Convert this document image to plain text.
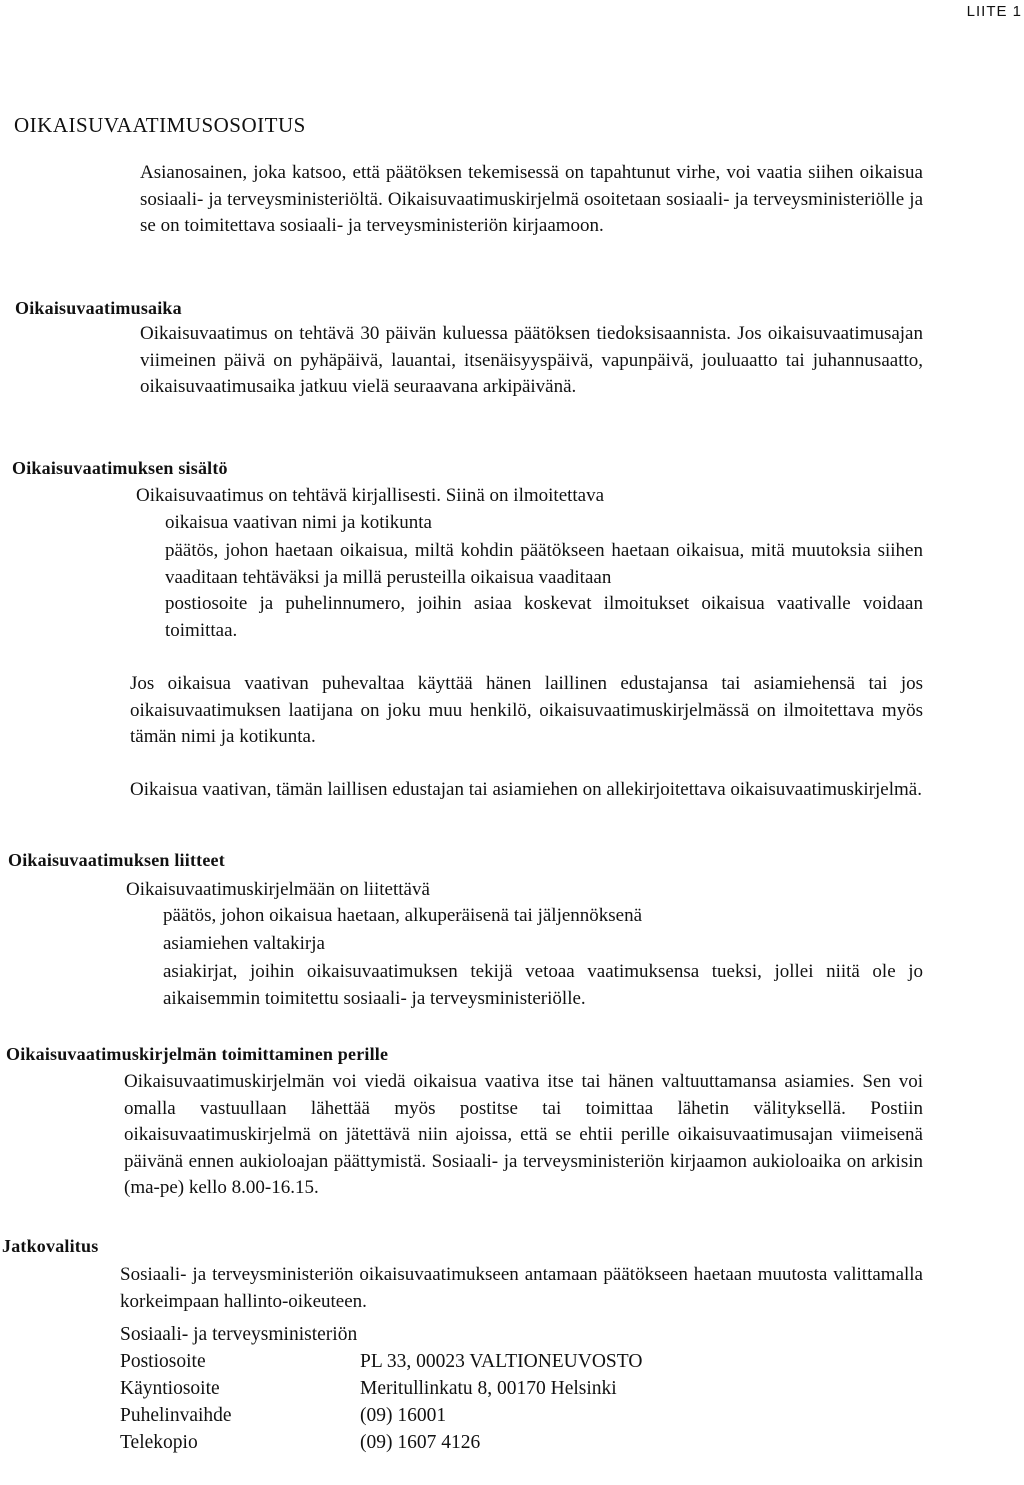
LIITE 1
OIKAISUVAATIMUSOSOITUS
Asianosainen, joka katsoo, että päätöksen tekemisessä on tapahtunut virhe, voi vaatia siihen oikaisua sosiaali- ja terveysministeriöltä. Oikaisuvaatimuskirjelmä osoitetaan sosiaali- ja terveysministeriölle ja se on toimitettava sosiaali- ja terveysministeriön kirjaamoon.
Oikaisuvaatimusaika
Oikaisuvaatimus on tehtävä 30 päivän kuluessa päätöksen tiedoksisaannista. Jos oikaisuvaatimusajan viimeinen päivä on pyhäpäivä, lauantai, itsenäisyyspäivä, vapunpäivä, jouluaatto tai juhannusaatto, oikaisuvaatimusaika jatkuu vielä seuraavana arkipäivänä.
Oikaisuvaatimuksen sisältö
Oikaisuvaatimus on tehtävä kirjallisesti. Siinä on ilmoitettava
oikaisua vaativan nimi ja kotikunta
päätös, johon haetaan oikaisua, miltä kohdin päätökseen haetaan oikaisua, mitä muutoksia siihen vaaditaan tehtäväksi ja millä perusteilla oikaisua vaaditaan
postiosoite ja puhelinnumero, joihin asiaa koskevat ilmoitukset oikaisua vaativalle voidaan toimittaa.
Jos oikaisua vaativan puhevaltaa käyttää hänen laillinen edustajansa tai asiamiehensä tai jos oikaisuvaatimuksen laatijana on joku muu henkilö, oikaisuvaatimuskirjelmässä on ilmoitettava myös tämän nimi ja kotikunta.
Oikaisua vaativan, tämän laillisen edustajan tai asiamiehen on allekirjoitettava oikaisuvaatimuskirjelmä.
Oikaisuvaatimuksen liitteet
Oikaisuvaatimuskirjelmään on liitettävä
päätös, johon oikaisua haetaan, alkuperäisenä tai jäljennöksenä
asiamiehen valtakirja
asiakirjat, joihin oikaisuvaatimuksen tekijä vetoaa vaatimuksensa tueksi, jollei niitä ole jo aikaisemmin toimitettu sosiaali- ja terveysministeriölle.
Oikaisuvaatimuskirjelmän toimittaminen perille
Oikaisuvaatimuskirjelmän voi viedä oikaisua vaativa itse tai hänen valtuuttamansa asiamies. Sen voi omalla vastuullaan lähettää myös postitse tai toimittaa lähetin välityksellä. Postiin oikaisuvaatimuskirjelmä on jätettävä niin ajoissa, että se ehtii perille oikaisuvaatimusajan viimeisenä päivänä ennen aukioloajan päättymistä. Sosiaali- ja terveysministeriön kirjaamon aukioloaika on arkisin (ma-pe) kello 8.00-16.15.
Jatkovalitus
Sosiaali- ja terveysministeriön oikaisuvaatimukseen antamaan päätökseen haetaan muutosta valittamalla korkeimpaan hallinto-oikeuteen.
Sosiaali- ja terveysministeriön
Postiosoite	PL 33, 00023 VALTIONEUVOSTO
Käyntiosoite	Meritullinkatu 8, 00170 Helsinki
Puhelinvaihde	(09) 16001
Telekopio	(09) 1607 4126
